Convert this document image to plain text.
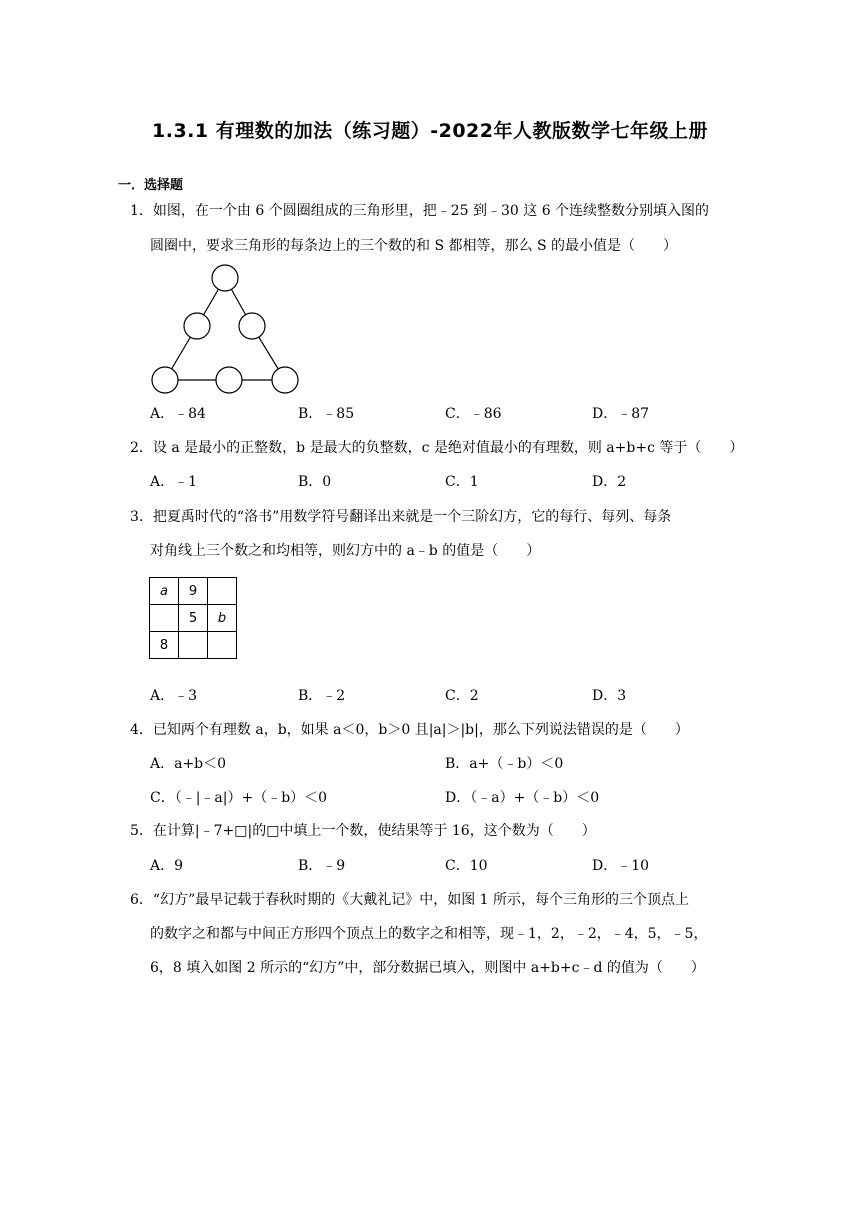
1.3.1 有理数的加法（练习题）-2022年人教版数学七年级上册
一．选择题
1．如图，在一个由 6 个圆圈组成的三角形里，把﹣25 到﹣30 这 6 个连续整数分别填入图的
圆圈中，要求三角形的每条边上的三个数的和 S 都相等，那么 S 的最小值是（　　）
A．﹣84	B．﹣85	C．﹣86	D．﹣87
2．设 a 是最小的正整数，b 是最大的负整数，c 是绝对值最小的有理数，则 a+b+c 等于（　　）
A．﹣1	B．0	C．1	D．2
3．把夏禹时代的“洛书”用数学符号翻译出来就是一个三阶幻方，它的每行、每列、每条
对角线上三个数之和均相等，则幻方中的 a﹣b 的值是（　　）
a	9	
	5	b
8		
A．﹣3	B．﹣2	C．2	D．3
4．已知两个有理数 a，b，如果 a＜0，b＞0 且|a|＞|b|，那么下列说法错误的是（　　）
A．a+b＜0	B．a+（﹣b）＜0
C．（﹣|﹣a|）+（﹣b）＜0	D．（﹣a）+（﹣b）＜0
5．在计算|﹣7+□|的□中填上一个数，使结果等于 16，这个数为（　　）
A．9	B．﹣9	C．10	D．﹣10
6．“幻方”最早记载于春秋时期的《大戴礼记》中，如图 1 所示，每个三角形的三个顶点上
的数字之和都与中间正方形四个顶点上的数字之和相等，现﹣1，2，﹣2，﹣4，5，﹣5，
6，8 填入如图 2 所示的“幻方”中，部分数据已填入，则图中 a+b+c﹣d 的值为（　　）
